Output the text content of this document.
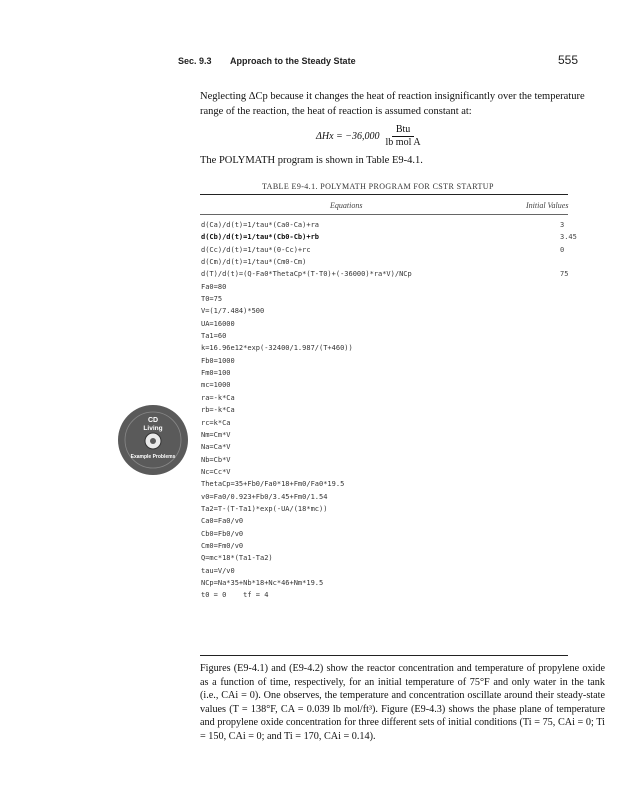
Sec. 9.3 Approach to the Steady State	555
Neglecting ΔCp because it changes the heat of reaction insignificantly over the temperature range of the reaction, the heat of reaction is assumed constant at:
$\Delta Hx = -36,000 \frac{\text{Btu}}{\text{lb mol A}}$
The POLYMATH program is shown in Table E9-4.1.
TABLE E9-4.1. POLYMATH PROGRAM FOR CSTR STARTUP
Equations	Initial Values
d(Ca)/d(t)=1/tau*(Ca0-Ca)+ra
d(Cb)/d(t)=1/tau*(Cb0-Cb)+rb
d(Cc)/d(t)=1/tau*(0-Cc)+rc
d(Cm)/d(t)=1/tau*(Cm0-Cm)
d(T)/d(t)=(Q-Fa0*ThetaCp*(T-T0)+(-36000)*ra*V)/NCp
Fa0=80
T0=75
V=(1/7.484)*500
UA=16000
Ta1=60
k=16.96e12*exp(-32400/1.987/(T+460))
Fb0=1000
Fm0=100
mc=1000
ra=-k*Ca
rb=-k*Ca
rc=k*Ca
Nm=Cm*V
Na=Ca*V
Nb=Cb*V
Nc=Cc*V
ThetaCp=35+Fb0/Fa0*18+Fm0/Fa0*19.5
v0=Fa0/0.923+Fb0/3.45+Fm0/1.54
Ta2=T-(T-Ta1)*exp(-UA/(18*mc))
Ca0=Fa0/v0
Cb0=Fb0/v0
Cm0=Fm0/v0
Q=mc*18*(Ta1-Ta2)
tau=V/v0
NCp=Na*35+Nb*18+Nc*46+Nm*19.5
t0 = 0    tf = 4
3
3.45
0
75
CD
Living
Example Problems
Figures (E9-4.1) and (E9-4.2) show the reactor concentration and temperature of propylene oxide as a function of time, respectively, for an initial temperature of 75°F and only water in the tank (i.e., CAi = 0). One observes, the temperature and concentration oscillate around their steady-state values (T = 138°F, CA = 0.039 lb mol/ft³). Figure (E9-4.3) shows the phase plane of temperature and propylene oxide concentration for three different sets of initial conditions (Ti = 75, CAi = 0; Ti = 150, CAi = 0; and Ti = 170, CAi = 0.14).
